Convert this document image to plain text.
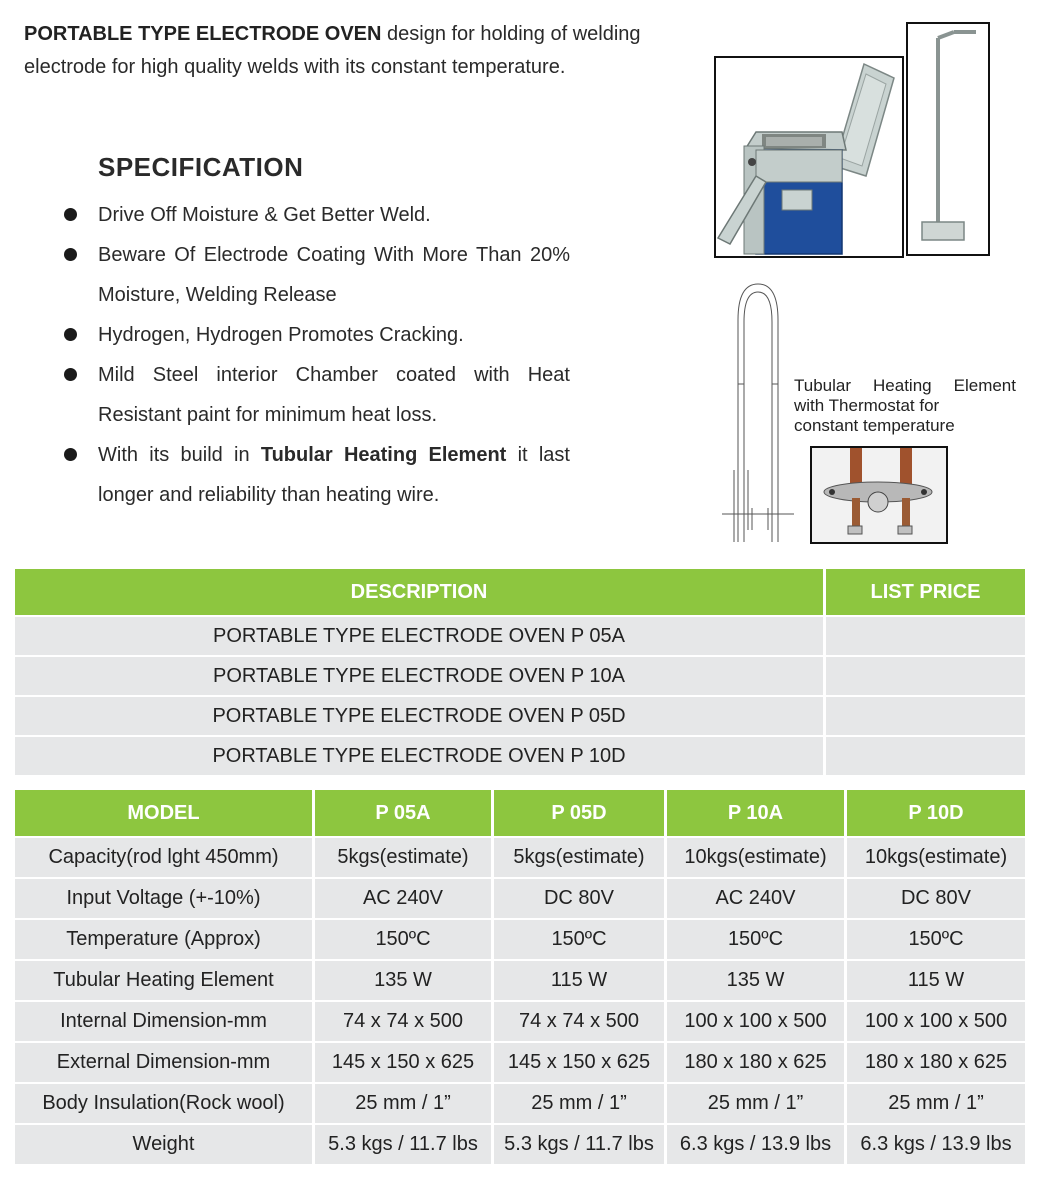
PORTABLE TYPE ELECTRODE OVEN design for holding of welding electrode for high quality welds with its constant temperature.
SPECIFICATION
Drive Off Moisture & Get Better Weld.
Beware Of Electrode Coating With More Than 20% Moisture, Welding Release
Hydrogen, Hydrogen Promotes Cracking.
Mild Steel interior Chamber coated with Heat Resistant paint for minimum heat loss.
With its build in Tubular Heating Element it last longer and reliability than heating wire.
Tubular Heating Element
with Thermostat for
constant temperature
DESCRIPTION	LIST PRICE
PORTABLE TYPE ELECTRODE OVEN P 05A	
PORTABLE TYPE ELECTRODE OVEN P 10A	
PORTABLE TYPE ELECTRODE OVEN P 05D	
PORTABLE TYPE ELECTRODE OVEN P 10D	
MODEL	P 05A	P 05D	P 10A	P 10D
Capacity(rod lght 450mm)	5kgs(estimate)	5kgs(estimate)	10kgs(estimate)	10kgs(estimate)
Input Voltage (+-10%)	AC 240V	DC 80V	AC 240V	DC 80V
Temperature (Approx)	150ºC	150ºC	150ºC	150ºC
Tubular Heating Element	135 W	115 W	135 W	115 W
Internal Dimension-mm	74 x 74 x 500	74 x 74 x 500	100 x 100 x 500	100 x 100 x 500
External Dimension-mm	145 x 150 x 625	145 x 150 x 625	180 x 180 x 625	180 x 180 x 625
Body Insulation(Rock wool)	25 mm / 1”	25 mm / 1”	25 mm / 1”	25 mm / 1”
Weight	5.3 kgs / 11.7 lbs	5.3 kgs / 11.7 lbs	6.3 kgs / 13.9 lbs	6.3 kgs / 13.9 lbs
